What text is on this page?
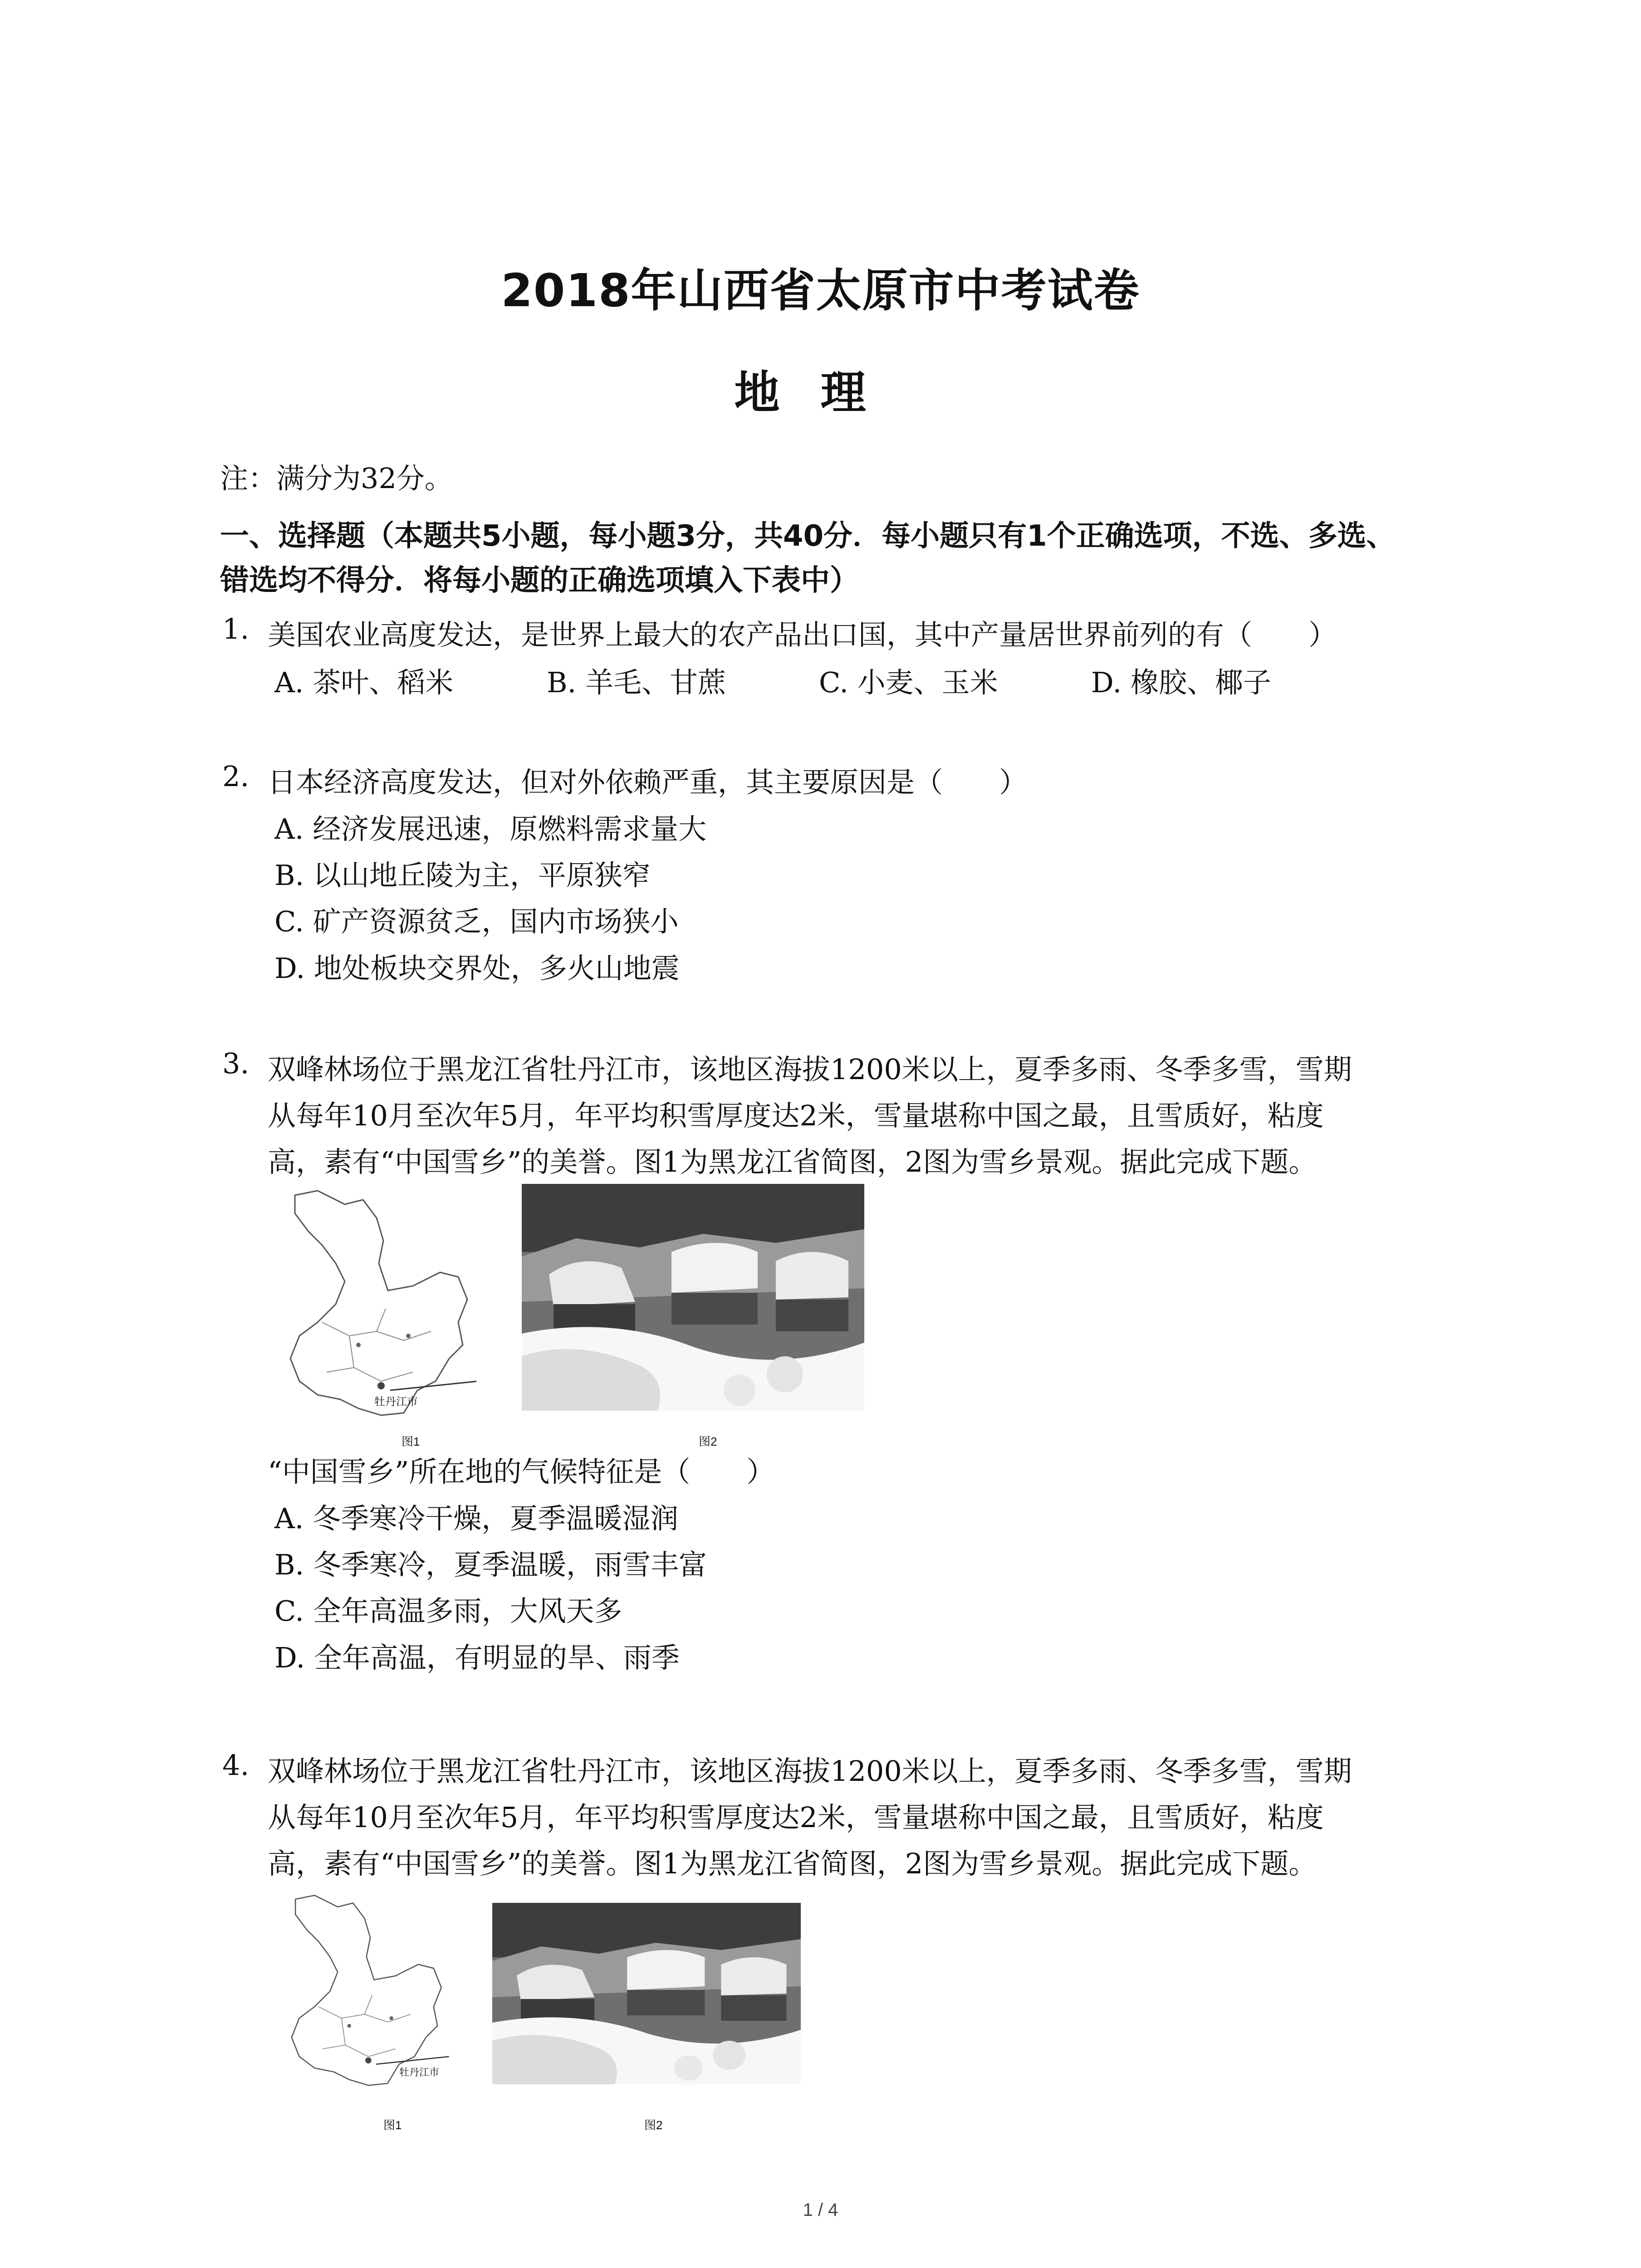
2018年山西省太原市中考试卷
地理
注：满分为32分。
一、选择题（本题共5小题，每小题3分，共40分．每小题只有1个正确选项，不选、多选、
错选均不得分．将每小题的正确选项填入下表中）
1. 美国农业高度发达，是世界上最大的农产品出口国，其中产量居世界前列的有（　　）
A. 茶叶、稻米	B. 羊毛、甘蔗	C. 小麦、玉米	D. 橡胶、椰子
2. 日本经济高度发达，但对外依赖严重，其主要原因是（　　）
A. 经济发展迅速，原燃料需求量大
B. 以山地丘陵为主，平原狭窄
C. 矿产资源贫乏，国内市场狭小
D. 地处板块交界处，多火山地震
3. 双峰林场位于黑龙江省牡丹江市，该地区海拔1200米以上，夏季多雨、冬季多雪，雪期
从每年10月至次年5月，年平均积雪厚度达2米，雪量堪称中国之最，且雪质好，粘度
高，素有“中国雪乡”的美誉。图1为黑龙江省简图，2图为雪乡景观。据此完成下题。
牡丹江市
图1	图2
“中国雪乡”所在地的气候特征是（　　）
A. 冬季寒冷干燥，夏季温暖湿润
B. 冬季寒冷，夏季温暖，雨雪丰富
C. 全年高温多雨，大风天多
D. 全年高温，有明显的旱、雨季
4. 双峰林场位于黑龙江省牡丹江市，该地区海拔1200米以上，夏季多雨、冬季多雪，雪期
从每年10月至次年5月，年平均积雪厚度达2米，雪量堪称中国之最，且雪质好，粘度
高，素有“中国雪乡”的美誉。图1为黑龙江省简图，2图为雪乡景观。据此完成下题。
牡丹江市
图1	图2
1 / 4
